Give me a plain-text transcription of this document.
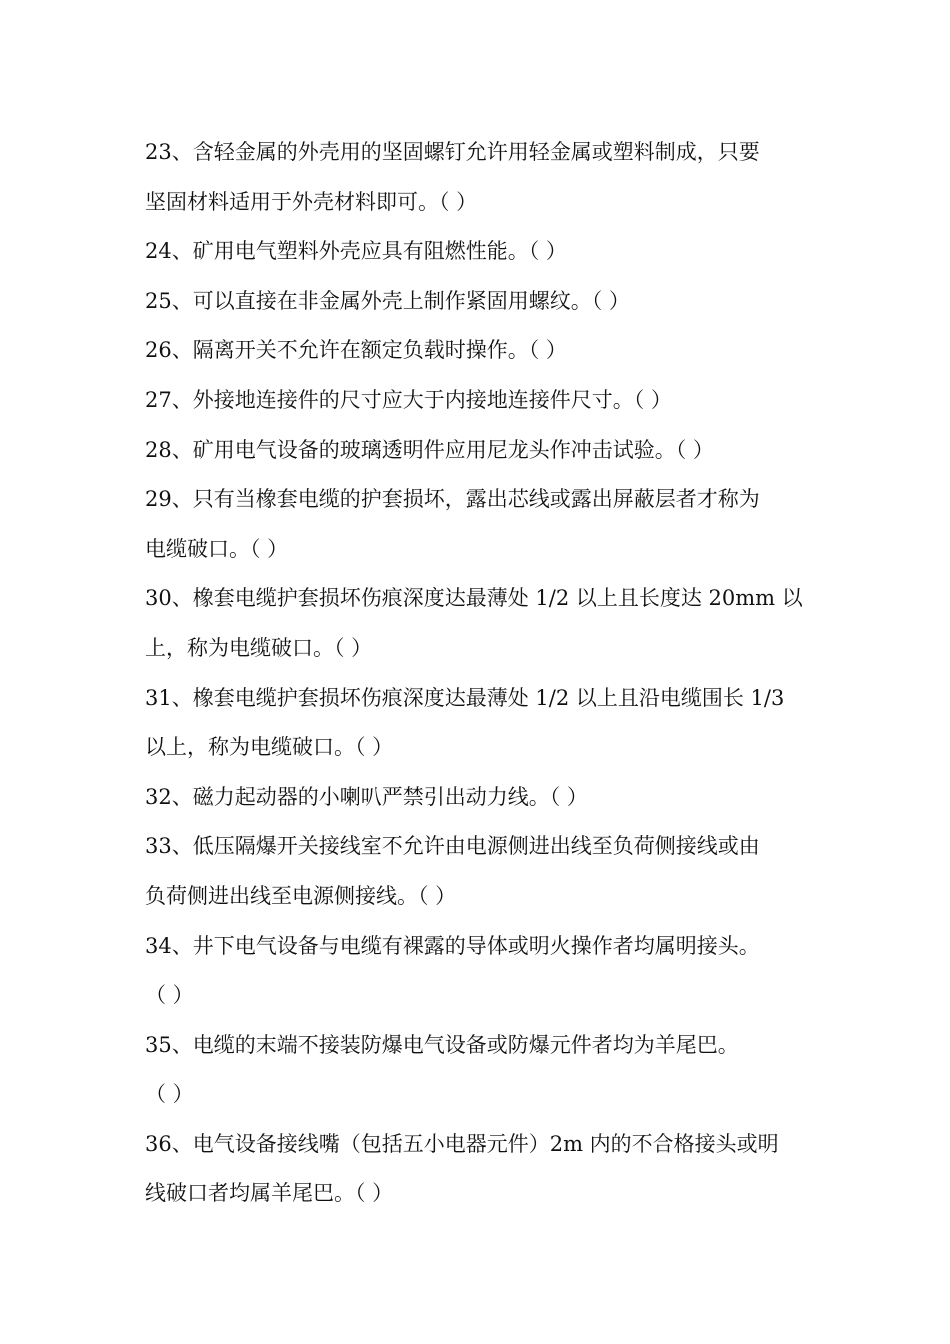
23、含轻金属的外壳用的坚固螺钉允许用轻金属或塑料制成，只要
坚固材料适用于外壳材料即可。（ ）
24、矿用电气塑料外壳应具有阻燃性能。（ ）
25、可以直接在非金属外壳上制作紧固用螺纹。（ ）
26、隔离开关不允许在额定负载时操作。（ ）
27、外接地连接件的尺寸应大于内接地连接件尺寸。（ ）
28、矿用电气设备的玻璃透明件应用尼龙头作冲击试验。（ ）
29、只有当橡套电缆的护套损坏，露出芯线或露出屏蔽层者才称为
电缆破口。（ ）
30、橡套电缆护套损坏伤痕深度达最薄处 1/2 以上且长度达 20mm 以
上，称为电缆破口。（ ）
31、橡套电缆护套损坏伤痕深度达最薄处 1/2 以上且沿电缆围长 1/3
以上，称为电缆破口。（ ）
32、磁力起动器的小喇叭严禁引出动力线。（ ）
33、低压隔爆开关接线室不允许由电源侧进出线至负荷侧接线或由
负荷侧进出线至电源侧接线。（ ）
34、井下电气设备与电缆有裸露的导体或明火操作者均属明接头。
（ ）
35、电缆的末端不接装防爆电气设备或防爆元件者均为羊尾巴。
（ ）
36、电气设备接线嘴（包括五小电器元件）2m 内的不合格接头或明
线破口者均属羊尾巴。（ ）
